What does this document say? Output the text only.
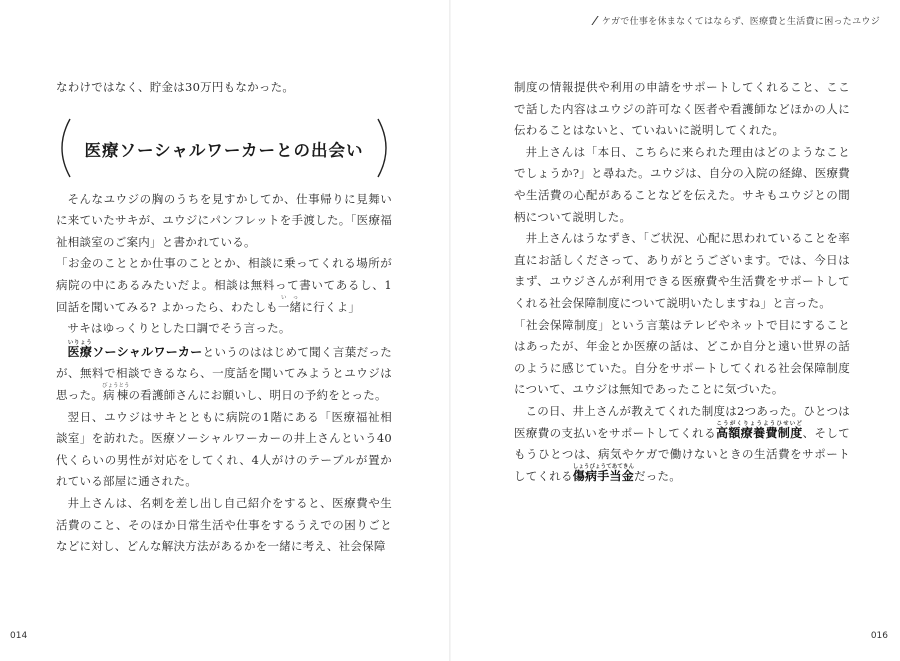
/ ケガで仕事を休まなくてはならず、医療費と生活費に困ったユウジ

なわけではなく、貯金は30万円もなかった。

医療ソーシャルワーカーとの出会い

そんなユウジの胸のうちを見すかしてか、仕事帰りに見舞いに来ていたサキが、ユウジにパンフレットを手渡した。「医療福祉相談室のご案内」と書かれている。

「お金のこととか仕事のこととか、相談に乗ってくれる場所が病院の中にあるみたいだよ。相談は無料って書いてあるし、1回話を聞いてみる? よかったら、わたしも一緒いっに行くよ」

サキはゆっくりとした口調でそう言った。

医療いりょうソーシャルワーカーというのははじめて聞く言葉だったが、無料で相談できるなら、一度話を聞いてみようとユウジは思った。病棟びょうとうの看護師さんにお願いし、明日の予約をとった。

翌日、ユウジはサキとともに病院の1階にある「医療福祉相談室」を訪れた。医療ソーシャルワーカーの井上さんという40代くらいの男性が対応をしてくれ、4人がけのテーブルが置かれている部屋に通された。

井上さんは、名刺を差し出し自己紹介をすると、医療費や生活費のこと、そのほか日常生活や仕事をするうえでの困りごとなどに対し、どんな解決方法があるかを一緒に考え、社会保障

制度の情報提供や利用の申請をサポートしてくれること、ここで話した内容はユウジの許可なく医者や看護師などほかの人に伝わることはないと、ていねいに説明してくれた。

井上さんは「本日、こちらに来られた理由はどのようなことでしょうか?」と尋ねた。ユウジは、自分の入院の経緯、医療費や生活費の心配があることなどを伝えた。サキもユウジとの間柄について説明した。

井上さんはうなずき、「ご状況、心配に思われていることを率直にお話しくださって、ありがとうございます。では、今日はまず、ユウジさんが利用できる医療費や生活費をサポートしてくれる社会保障制度について説明いたしますね」と言った。

「社会保障制度」という言葉はテレビやネットで目にすることはあったが、年金とか医療の話は、どこか自分と遠い世界の話のように感じていた。自分をサポートしてくれる社会保障制度について、ユウジは無知であったことに気づいた。

この日、井上さんが教えてくれた制度は2つあった。ひとつは医療費の支払いをサポートしてくれる高額療養費制度こうがくりょうようひせいど、そしてもうひとつは、病気やケガで働けないときの生活費をサポートしてくれる傷病手当金しょうびょうてあてきんだった。

014	016
